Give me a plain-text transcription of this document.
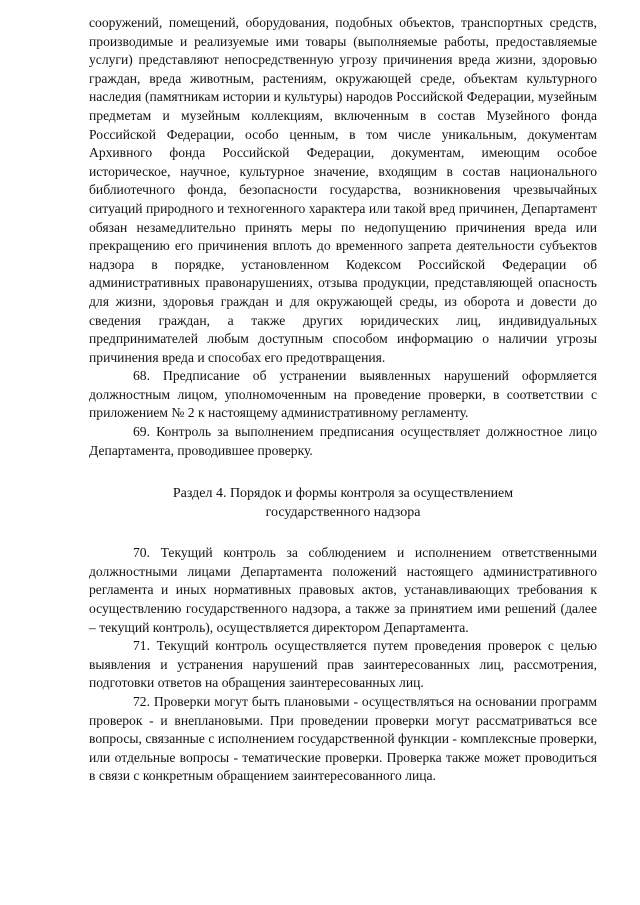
сооружений, помещений, оборудования, подобных объектов, транспортных средств, производимые и реализуемые ими товары (выполняемые работы, предоставляемые услуги) представляют непосредственную угрозу причинения вреда жизни, здоровью граждан, вреда животным, растениям, окружающей среде, объектам культурного наследия (памятникам истории и культуры) народов Российской Федерации, музейным предметам и музейным коллекциям, включенным в состав Музейного фонда Российской Федерации, особо ценным, в том числе уникальным, документам Архивного фонда Российской Федерации, документам, имеющим особое историческое, научное, культурное значение, входящим в состав национального библиотечного фонда, безопасности государства, возникновения чрезвычайных ситуаций природного и техногенного характера или такой вред причинен, Департамент обязан незамедлительно принять меры по недопущению причинения вреда или прекращению его причинения вплоть до временного запрета деятельности субъектов надзора в порядке, установленном Кодексом Российской Федерации об административных правонарушениях, отзыва продукции, представляющей опасность для жизни, здоровья граждан и для окружающей среды, из оборота и довести до сведения граждан, а также других юридических лиц, индивидуальных предпринимателей любым доступным способом информацию о наличии угрозы причинения вреда и способах его предотвращения.

68. Предписание об устранении выявленных нарушений оформляется должностным лицом, уполномоченным на проведение проверки, в соответствии с приложением № 2 к настоящему административному регламенту.

69. Контроль за выполнением предписания осуществляет должностное лицо Департамента, проводившее проверку.

Раздел 4. Порядок и формы контроля за осуществлением
государственного надзора

70. Текущий контроль за соблюдением и исполнением ответственными должностными лицами Департамента положений настоящего административного регламента и иных нормативных правовых актов, устанавливающих требования к осуществлению государственного надзора, а также за принятием ими решений (далее – текущий контроль), осуществляется директором Департамента.

71. Текущий контроль осуществляется путем проведения проверок с целью выявления и устранения нарушений прав заинтересованных лиц, рассмотрения, подготовки ответов на обращения заинтересованных лиц.

72. Проверки могут быть плановыми - осуществляться на основании программ проверок - и внеплановыми. При проведении проверки могут рассматриваться все вопросы, связанные с исполнением государственной функции - комплексные проверки, или отдельные вопросы - тематические проверки. Проверка также может проводиться в связи с конкретным обращением заинтересованного лица.
